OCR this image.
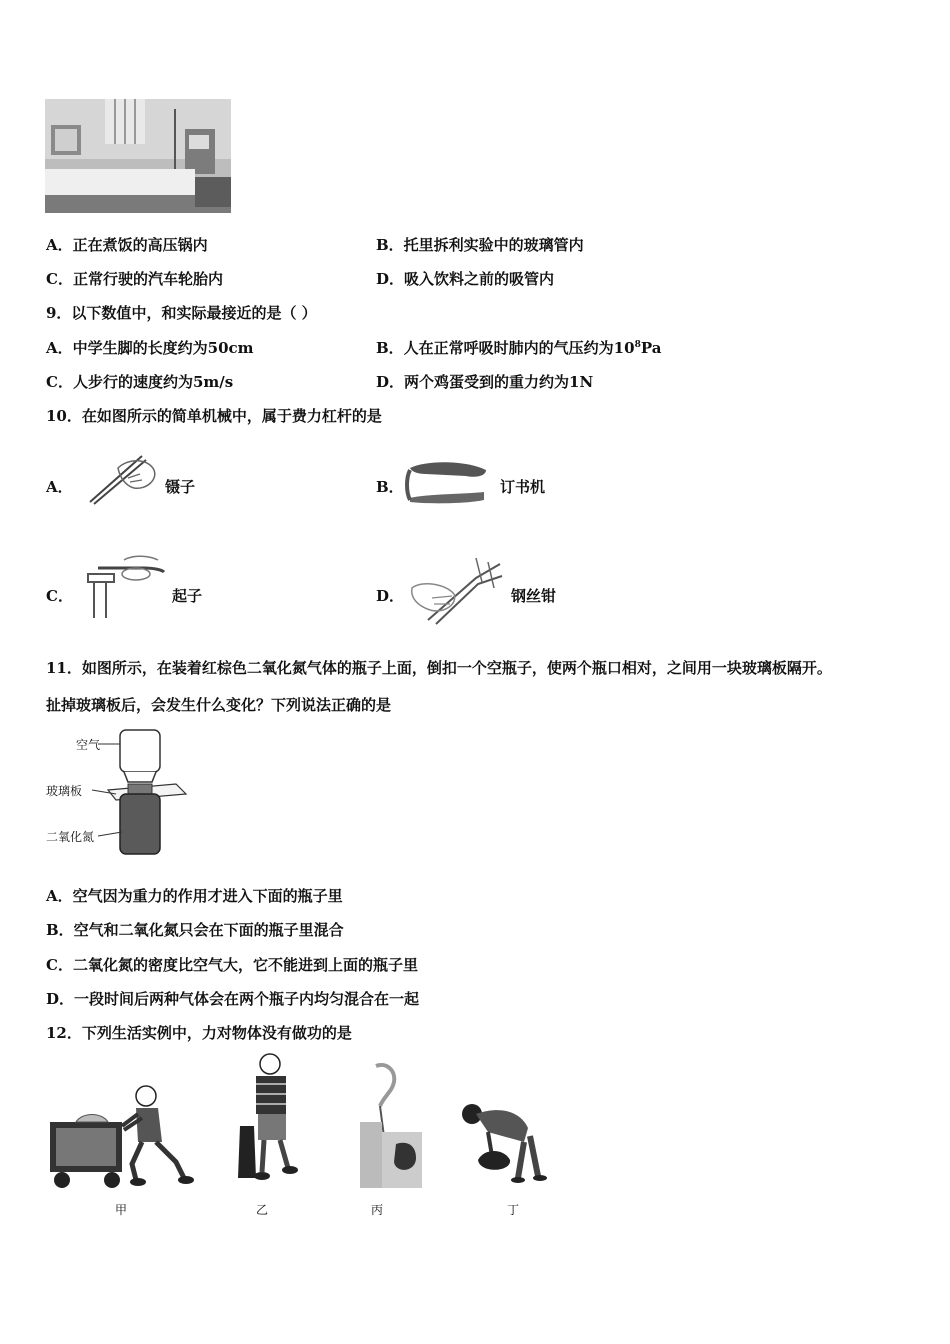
A．正在煮饭的高压锅内	B．托里拆利实验中的玻璃管内
C．正常行驶的汽车轮胎内	D．吸入饮料之前的吸管内
9．以下数值中，和实际最接近的是（ ）
A．中学生脚的长度约为50cm	B．人在正常呼吸时肺内的气压约为$10^8Pa$
C．人步行的速度约为5m/s	D．两个鸡蛋受到的重力约为1N
10．在如图所示的简单机械中，属于费力杠杆的是
A．	镊子	B．	订书机
C．	起子	D．	钢丝钳
11．如图所示，在装着红棕色二氧化氮气体的瓶子上面，倒扣一个空瓶子，使两个瓶口相对，之间用一块玻璃板隔开。
扯掉玻璃板后，会发生什么变化？下列说法正确的是
空气
玻璃板
二氧化氮
A．空气因为重力的作用才进入下面的瓶子里
B．空气和二氧化氮只会在下面的瓶子里混合
C．二氧化氮的密度比空气大，它不能进到上面的瓶子里
D．一段时间后两种气体会在两个瓶子内均匀混合在一起
12．下列生活实例中，力对物体没有做功的是
甲	乙	丙	丁
